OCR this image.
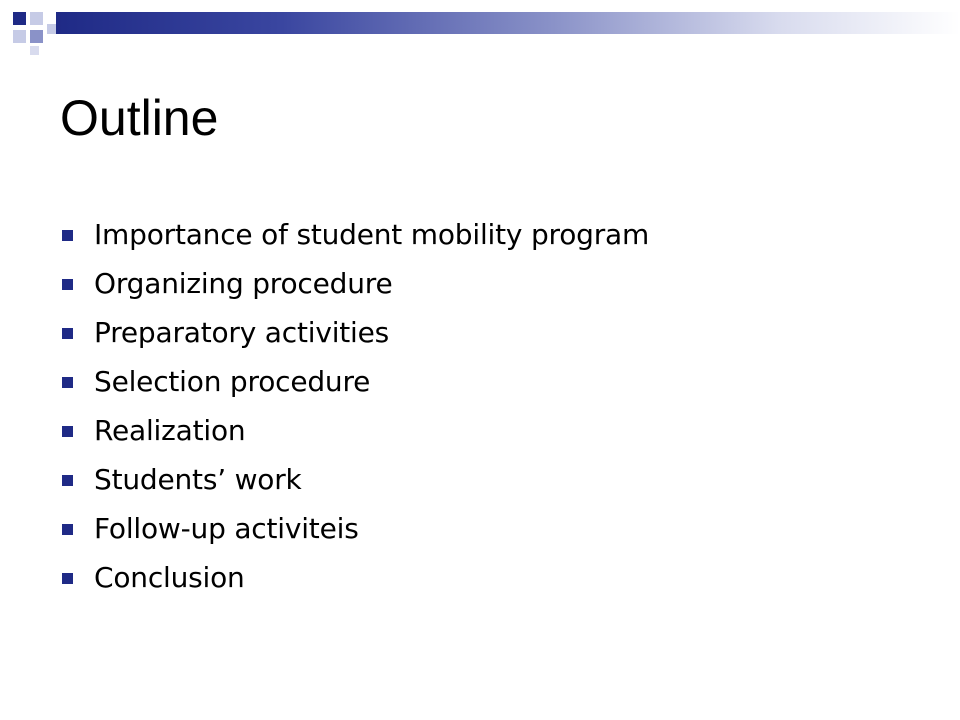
Outline
Importance of student mobility program
Organizing procedure
Preparatory activities
Selection procedure
Realization
Students’ work
Follow-up activiteis
Conclusion
